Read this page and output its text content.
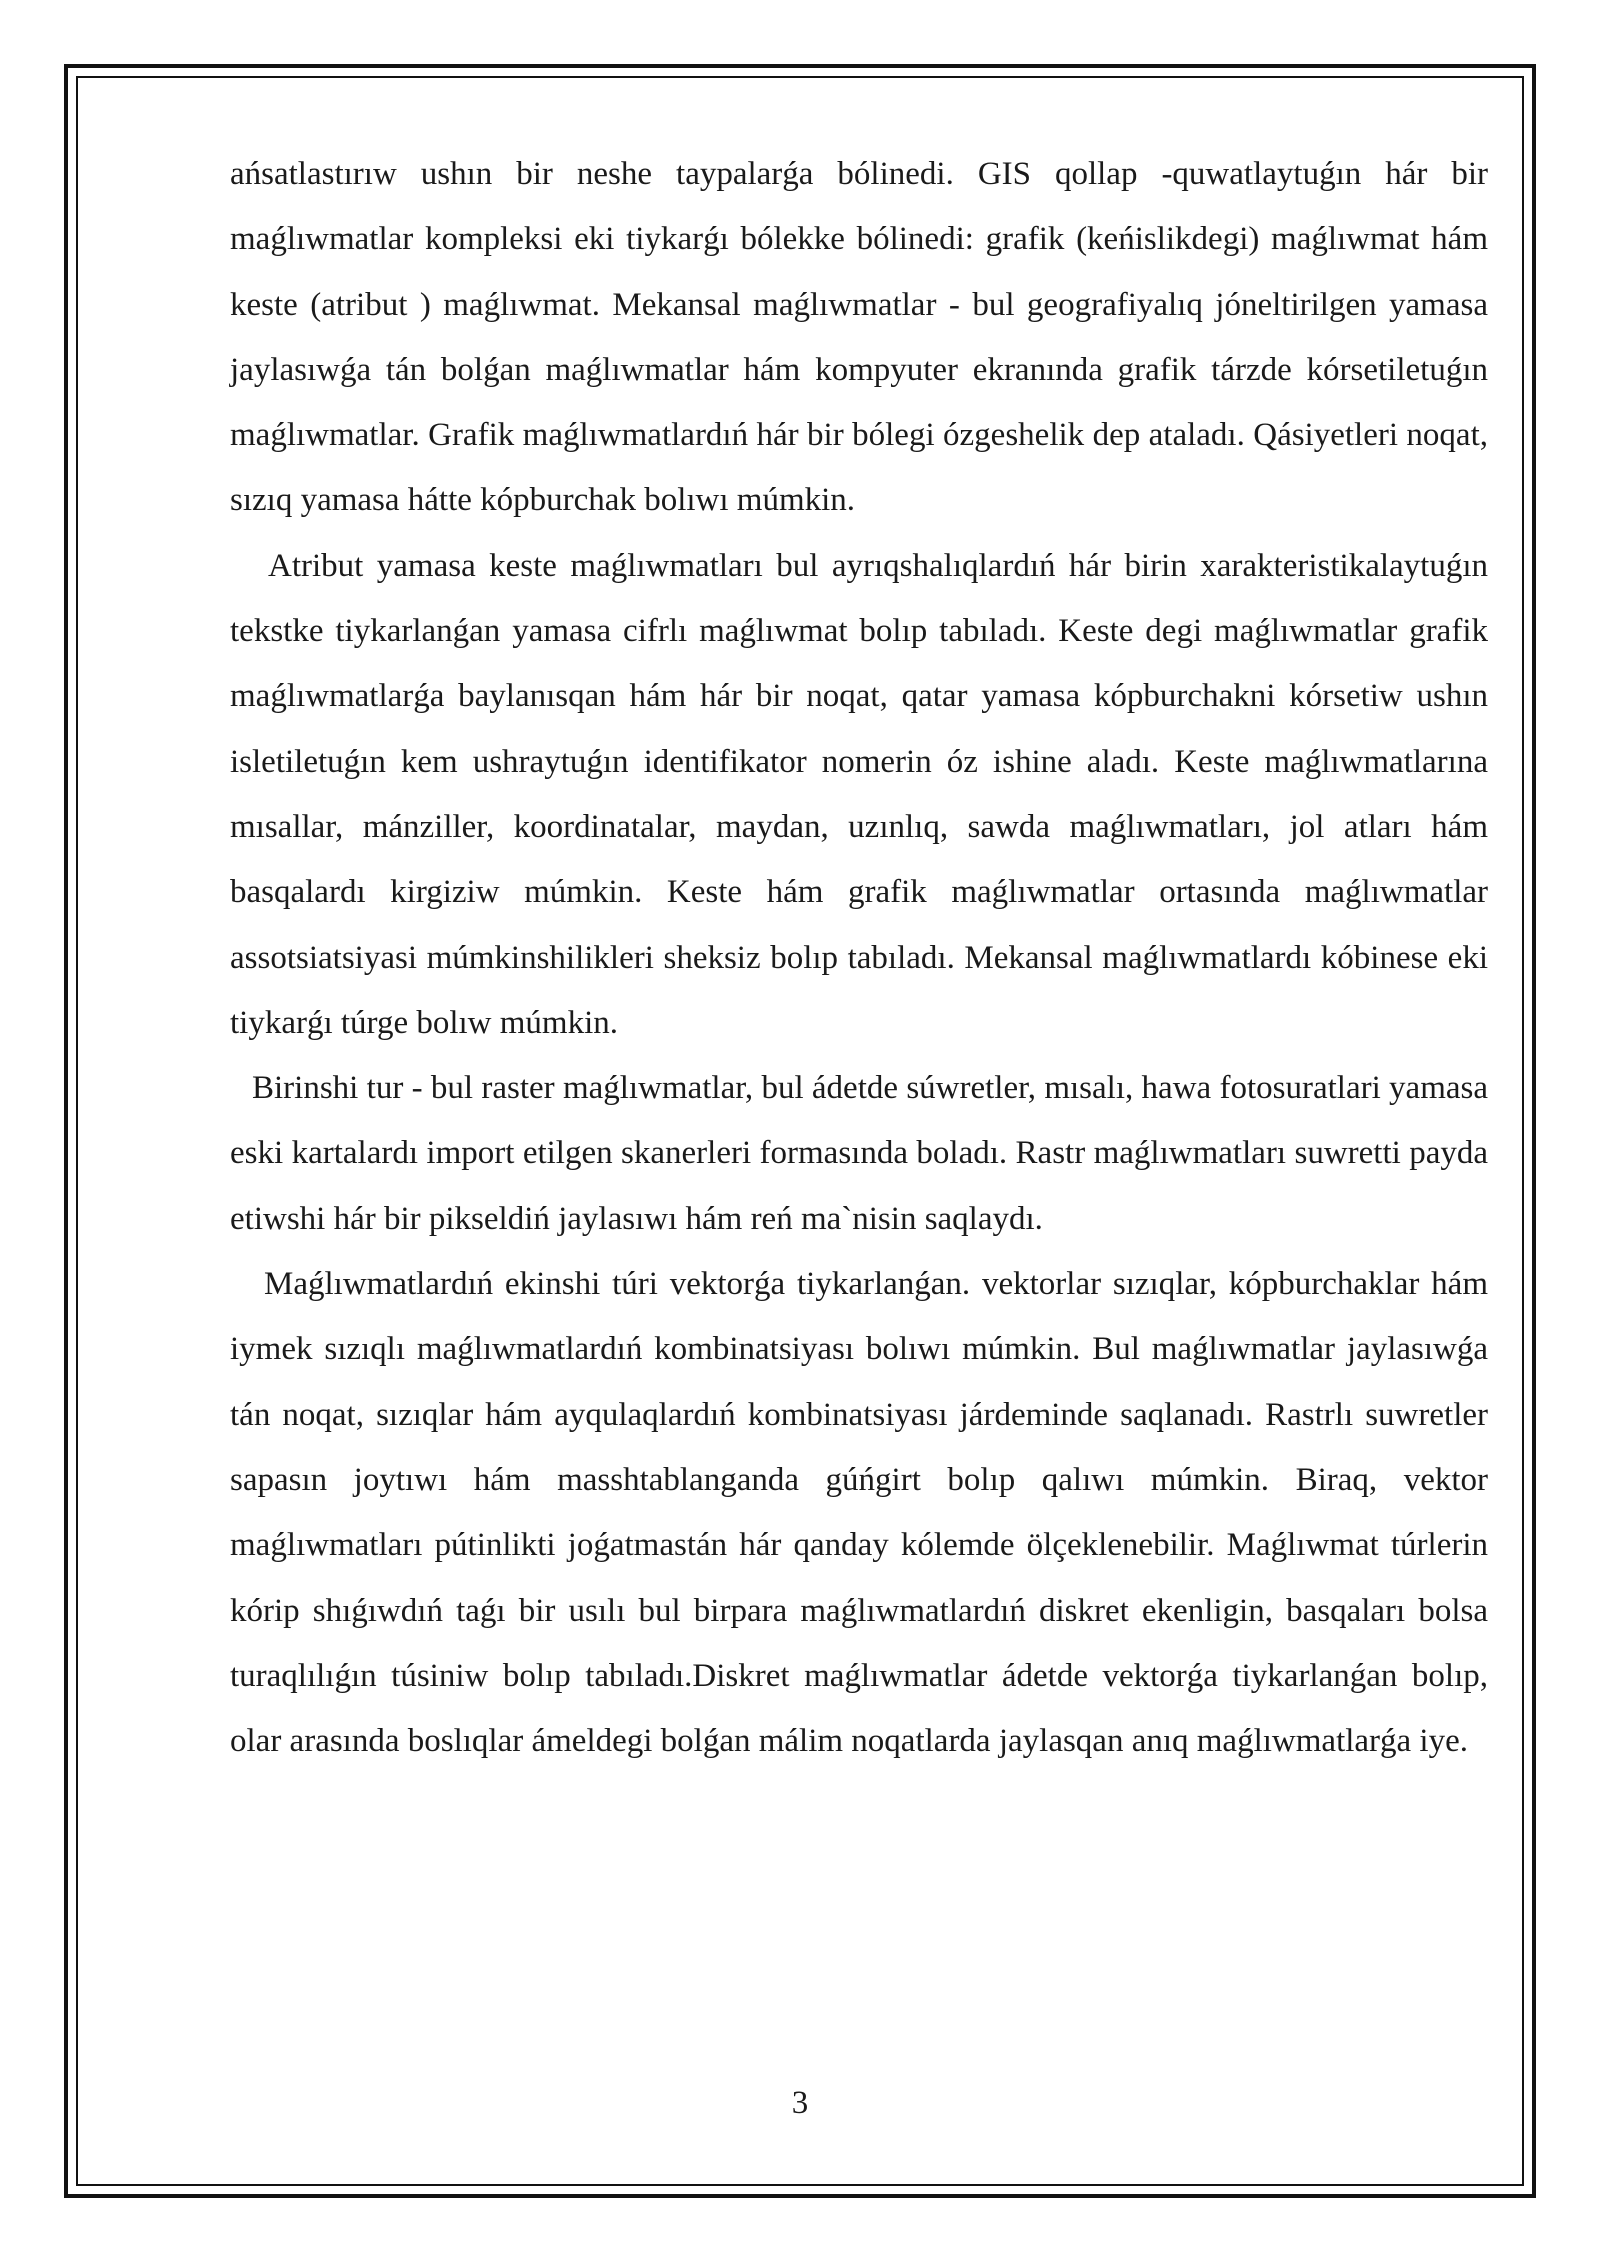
ańsatlastırıw ushın bir neshe taypalarǵa bólinedi. GIS qollap -quwatlaytuǵın hár bir maǵlıwmatlar kompleksi eki tiykarǵı bólekke bólinedi: grafik (keńislikdegi) maǵlıwmat hám keste (atribut ) maǵlıwmat. Mekansal maǵlıwmatlar - bul geografiyalıq jóneltirilgen yamasa jaylasıwǵa tán bolǵan maǵlıwmatlar hám kompyuter ekranında grafik tárzde kórsetiletuǵın maǵlıwmatlar. Grafik maǵlıwmatlardıń hár bir bólegi ózgeshelik dep ataladı. Qásiyetleri noqat, sızıq yamasa hátte kópburchak bolıwı múmkin.

Atribut yamasa keste maǵlıwmatları bul ayrıqshalıqlardıń hár birin xarakteristikalaytuǵın tekstke tiykarlanǵan yamasa cifrlı maǵlıwmat bolıp tabıladı. Keste degi maǵlıwmatlar grafik maǵlıwmatlarǵa baylanısqan hám hár bir noqat, qatar yamasa kópburchakni kórsetiw ushın isletiletuǵın kem ushraytuǵın identifikator nomerin óz ishine aladı. Keste maǵlıwmatlarına mısallar, mánziller, koordinatalar, maydan, uzınlıq, sawda maǵlıwmatları, jol atları hám basqalardı kirgiziw múmkin. Keste hám grafik maǵlıwmatlar ortasında maǵlıwmatlar assotsiatsiyasi múmkinshilikleri sheksiz bolıp tabıladı. Mekansal maǵlıwmatlardı kóbinese eki tiykarǵı túrge bolıw múmkin.

Birinshi tur - bul raster maǵlıwmatlar, bul ádetde súwretler, mısalı, hawa fotosuratlari yamasa eski kartalardı import etilgen skanerleri formasında boladı. Rastr maǵlıwmatları suwretti payda etiwshi hár bir pikseldiń jaylasıwı hám reń ma`nisin saqlaydı.

Maǵlıwmatlardıń ekinshi túri vektorǵa tiykarlanǵan. vektorlar sızıqlar, kópburchaklar hám iymek sızıqlı maǵlıwmatlardıń kombinatsiyası bolıwı múmkin. Bul maǵlıwmatlar jaylasıwǵa tán noqat, sızıqlar hám ayqulaqlardıń kombinatsiyası járdeminde saqlanadı. Rastrlı suwretler sapasın joytıwı hám masshtablanganda gúńgirt bolıp qalıwı múmkin. Biraq, vektor maǵlıwmatları pútinlikti joǵatmastán hár qanday kólemde ölçeklenebilir. Maǵlıwmat túrlerin kórip shıǵıwdıń taǵı bir usılı bul birpara maǵlıwmatlardıń diskret ekenligin, basqaları bolsa turaqlılıǵın túsiniw bolıp tabıladı.Diskret maǵlıwmatlar ádetde vektorǵa tiykarlanǵan bolıp, olar arasında boslıqlar ámeldegi bolǵan málim noqatlarda jaylasqan anıq maǵlıwmatlarǵa iye.

3
